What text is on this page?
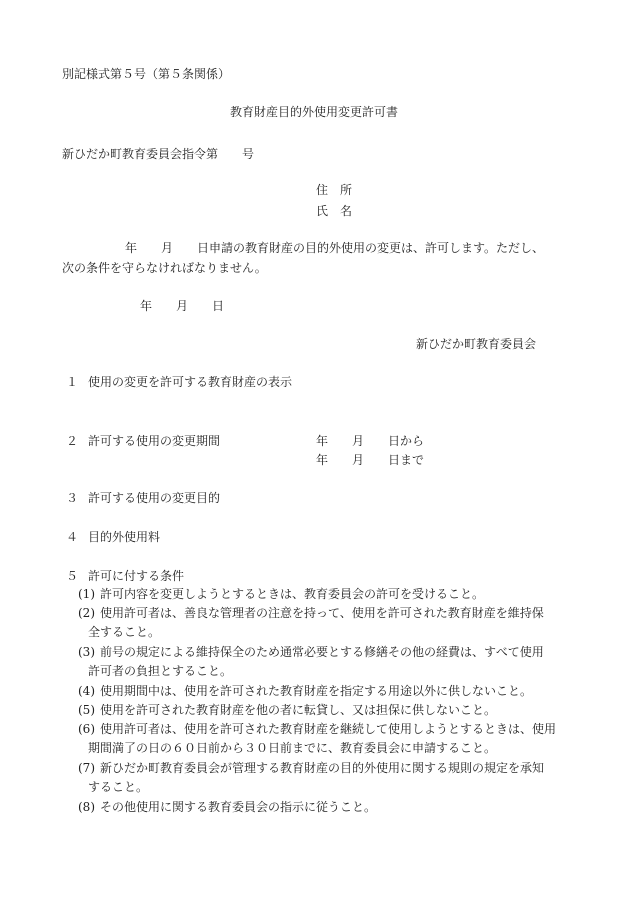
別記様式第５号（第５条関係）
教育財産目的外使用変更許可書
新ひだか町教育委員会指令第　　号
住　所
氏　名
年　　月　　日申請の教育財産の目的外使用の変更は、許可します。ただし、
次の条件を守らなければなりません。
年　　月　　日
新ひだか町教育委員会
１ 使用の変更を許可する教育財産の表示
２ 許可する使用の変更期間	年　　月　　日から
年　　月　　日まで
３ 許可する使用の変更目的
４ 目的外使用料
５ 許可に付する条件
(1) 許可内容を変更しようとするときは、教育委員会の許可を受けること。
(2) 使用許可者は、善良な管理者の注意を持って、使用を許可された教育財産を維持保
全すること。
(3) 前号の規定による維持保全のため通常必要とする修繕その他の経費は、すべて使用
許可者の負担とすること。
(4) 使用期間中は、使用を許可された教育財産を指定する用途以外に供しないこと。
(5) 使用を許可された教育財産を他の者に転貸し、又は担保に供しないこと。
(6) 使用許可者は、使用を許可された教育財産を継続して使用しようとするときは、使用
期間満了の日の６０日前から３０日前までに、教育委員会に申請すること。
(7) 新ひだか町教育委員会が管理する教育財産の目的外使用に関する規則の規定を承知
すること。
(8) その他使用に関する教育委員会の指示に従うこと。
